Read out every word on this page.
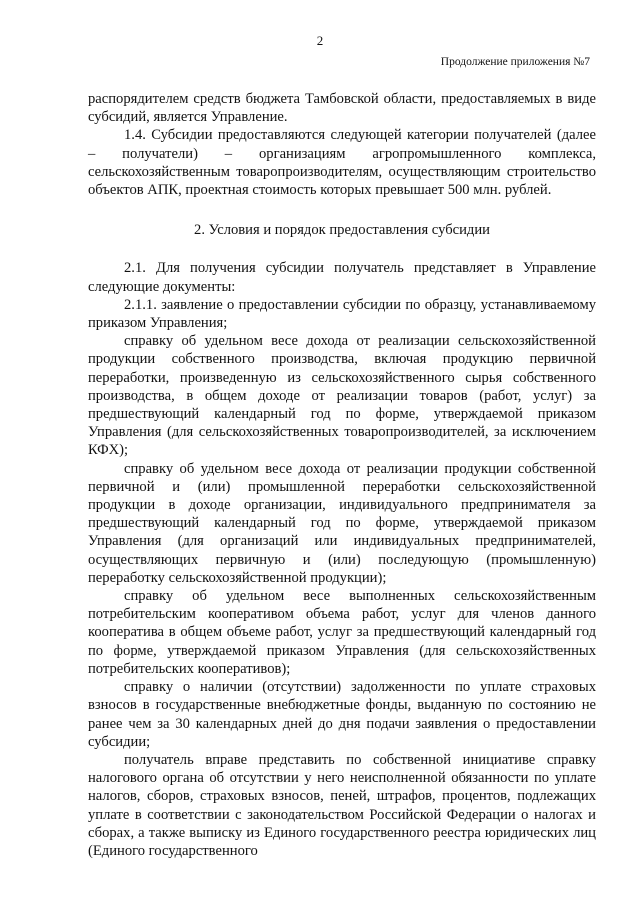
2
Продолжение приложения №7

распорядителем средств бюджета Тамбовской области, предоставляемых в виде субсидий, является Управление.

1.4. Субсидии предоставляются следующей категории получателей (далее – получатели) – организациям агропромышленного комплекса, сельскохозяйственным товаропроизводителям, осуществляющим строительство объектов АПК, проектная стоимость которых превышает 500 млн. рублей.

2. Условия и порядок предоставления субсидии

2.1. Для получения субсидии получатель представляет в Управление следующие документы:

2.1.1. заявление о предоставлении субсидии по образцу, устанавливаемому приказом Управления;

справку об удельном весе дохода от реализации сельскохозяйственной продукции собственного производства, включая продукцию первичной переработки, произведенную из сельскохозяйственного сырья собственного производства, в общем доходе от реализации товаров (работ, услуг) за предшествующий календарный год по форме, утверждаемой приказом Управления (для сельскохозяйственных товаропроизводителей, за исключением КФХ);

справку об удельном весе дохода от реализации продукции собственной первичной и (или) промышленной переработки сельскохозяйственной продукции в доходе организации, индивидуального предпринимателя за предшествующий календарный год по форме, утверждаемой приказом Управления (для организаций или индивидуальных предпринимателей, осуществляющих первичную и (или) последующую (промышленную) переработку сельскохозяйственной продукции);

справку об удельном весе выполненных сельскохозяйственным потребительским кооперативом объема работ, услуг для членов данного кооператива в общем объеме работ, услуг за предшествующий календарный год по форме, утверждаемой приказом Управления (для сельскохозяйственных потребительских кооперативов);

справку о наличии (отсутствии) задолженности по уплате страховых взносов в государственные внебюджетные фонды, выданную по состоянию не ранее чем за 30 календарных дней до дня подачи заявления о предоставлении субсидии;

получатель вправе представить по собственной инициативе справку налогового органа об отсутствии у него неисполненной обязанности по уплате налогов, сборов, страховых взносов, пеней, штрафов, процентов, подлежащих уплате в соответствии с законодательством Российской Федерации о налогах и сборах, а также выписку из Единого государственного реестра юридических лиц (Единого государственного
